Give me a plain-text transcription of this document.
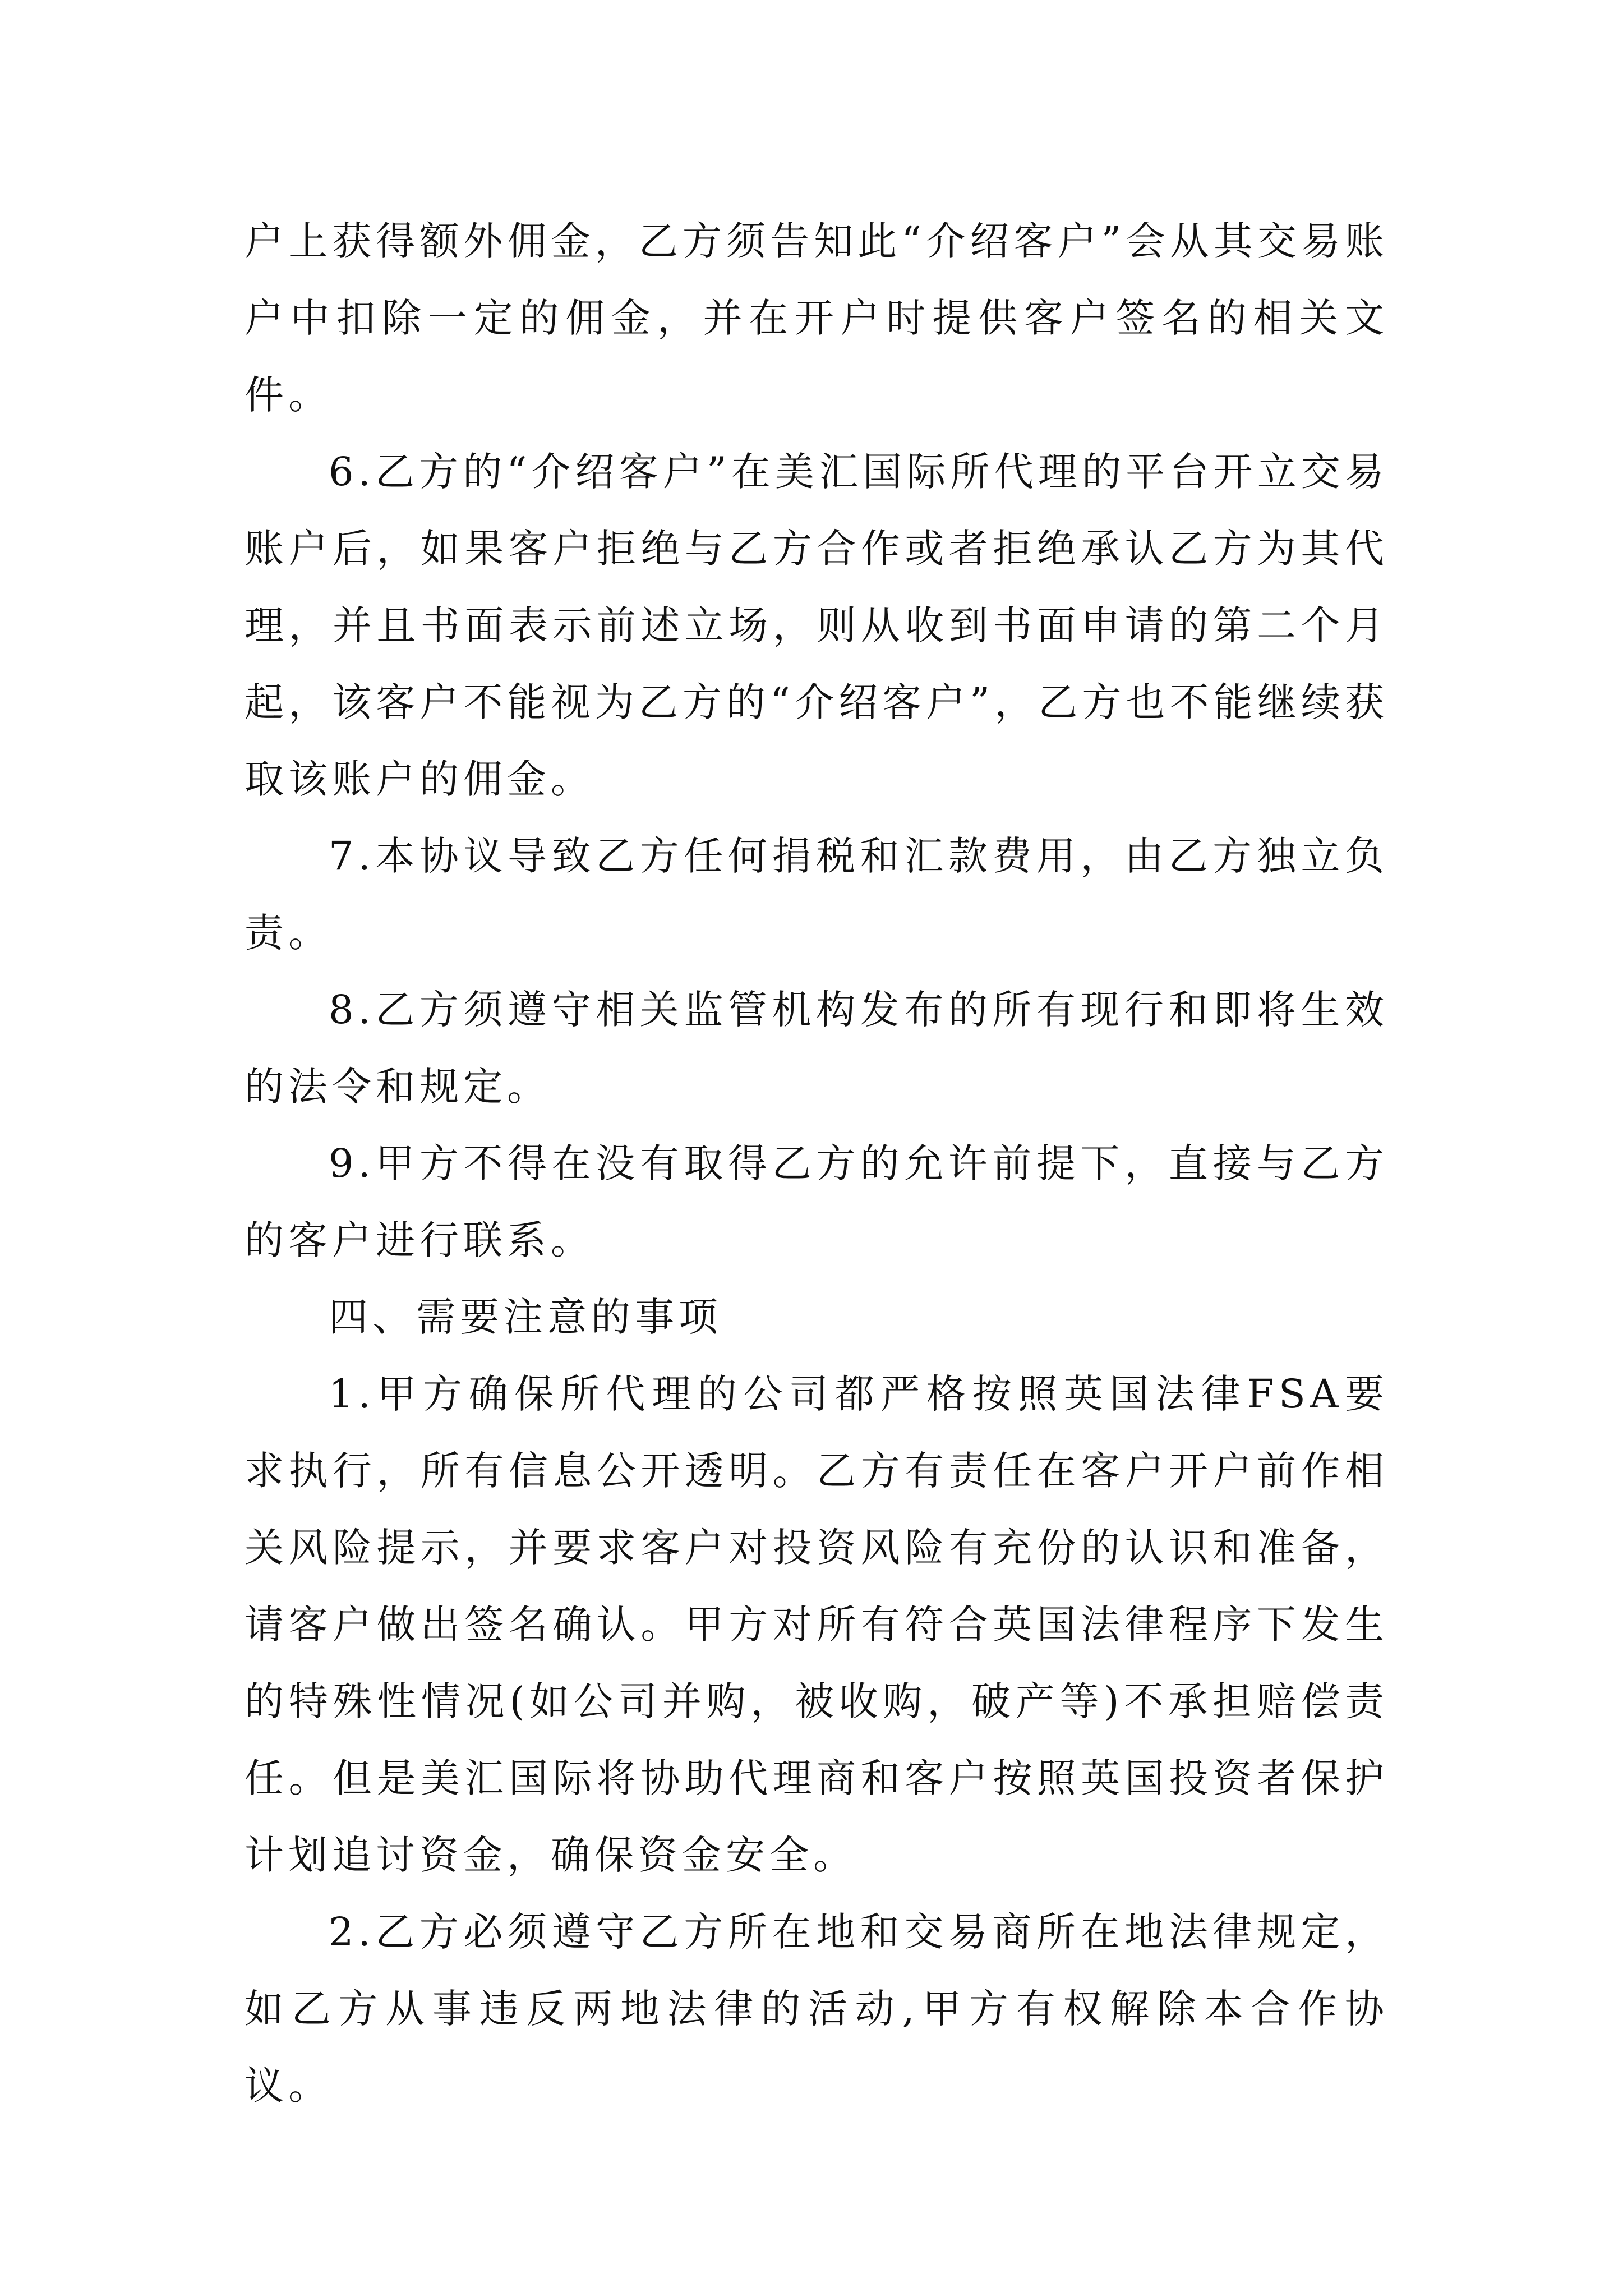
户上获得额外佣金，乙方须告知此“介绍客户”会从其交易账户中扣除一定的佣金，并在开户时提供客户签名的相关文件。

6.乙方的“介绍客户”在美汇国际所代理的平台开立交易账户后，如果客户拒绝与乙方合作或者拒绝承认乙方为其代理，并且书面表示前述立场，则从收到书面申请的第二个月起，该客户不能视为乙方的“介绍客户”，乙方也不能继续获取该账户的佣金。

7.本协议导致乙方任何捐税和汇款费用，由乙方独立负责。

8.乙方须遵守相关监管机构发布的所有现行和即将生效的法令和规定。

9.甲方不得在没有取得乙方的允许前提下，直接与乙方的客户进行联系。

四、需要注意的事项

1.甲方确保所代理的公司都严格按照英国法律FSA要求执行，所有信息公开透明。乙方有责任在客户开户前作相关风险提示，并要求客户对投资风险有充份的认识和准备，请客户做出签名确认。甲方对所有符合英国法律程序下发生的特殊性情况(如公司并购，被收购，破产等)不承担赔偿责任。但是美汇国际将协助代理商和客户按照英国投资者保护计划追讨资金，确保资金安全。

2.乙方必须遵守乙方所在地和交易商所在地法律规定，如乙方从事违反两地法律的活动,甲方有权解除本合作协议。
